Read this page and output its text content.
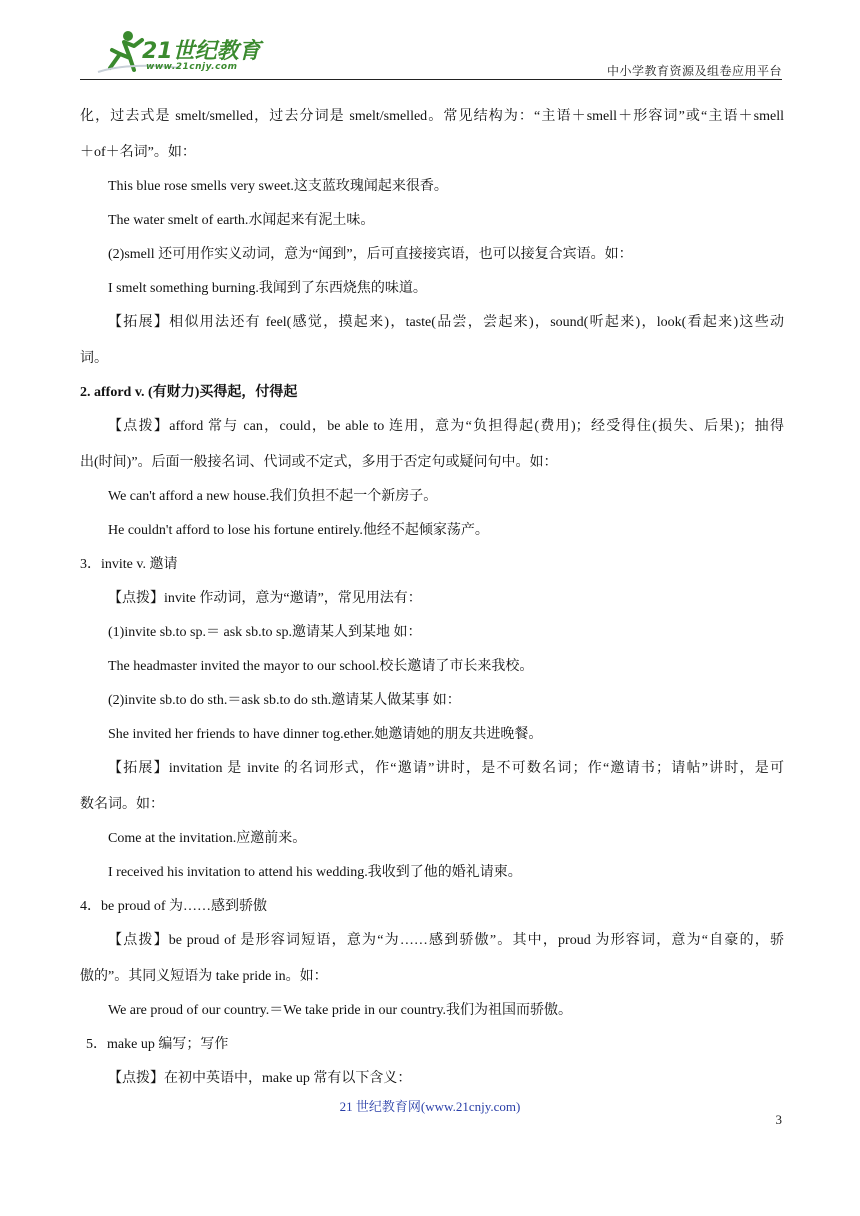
21世纪教育
www.21cnjy.com	中小学教育资源及组卷应用平台
化，过去式是 smelt/smelled，过去分词是 smelt/smelled。常见结构为：“主语＋smell＋形容词”或“主语＋smell
＋of＋名词”。如：
This blue rose smells very sweet.这支蓝玫瑰闻起来很香。
The water smelt of earth.水闻起来有泥土味。
(2)smell 还可用作实义动词，意为“闻到”，后可直接接宾语，也可以接复合宾语。如：
I smelt something burning.我闻到了东西烧焦的味道。
【拓展】相似用法还有 feel(感觉，摸起来)，taste(品尝，尝起来)，sound(听起来)，look(看起来)这些动
词。
2. afford v. (有财力)买得起，付得起
【点拨】afford 常与 can，could，be able to 连用，意为“负担得起(费用)；经受得住(损失、后果)；抽得
出(时间)”。后面一般接名词、代词或不定式，多用于否定句或疑问句中。如：
We can't afford a new house.我们负担不起一个新房子。
He couldn't afford to lose his fortune entirely.他经不起倾家荡产。
3．invite v. 邀请
【点拨】invite 作动词，意为“邀请”，常见用法有：
(1)invite sb.to sp.＝ ask sb.to sp.邀请某人到某地 如：
The headmaster invited the mayor to our school.校长邀请了市长来我校。
(2)invite sb.to do sth.＝ask sb.to do sth.邀请某人做某事 如：
She invited her friends to have dinner tog.ether.她邀请她的朋友共进晚餐。
【拓展】invitation 是 invite 的名词形式，作“邀请”讲时，是不可数名词；作“邀请书；请帖”讲时，是可
数名词。如：
Come at the invitation.应邀前来。
I received his invitation to attend his wedding.我收到了他的婚礼请柬。
4．be proud of 为……感到骄傲
【点拨】be proud of 是形容词短语，意为“为……感到骄傲”。其中，proud 为形容词，意为“自豪的，骄
傲的”。其同义短语为 take pride in。如：
We are proud of our country.＝We take pride in our country.我们为祖国而骄傲。
5．make up 编写；写作
【点拨】在初中英语中，make up 常有以下含义：
21 世纪教育网(www.21cnjy.com)
3
